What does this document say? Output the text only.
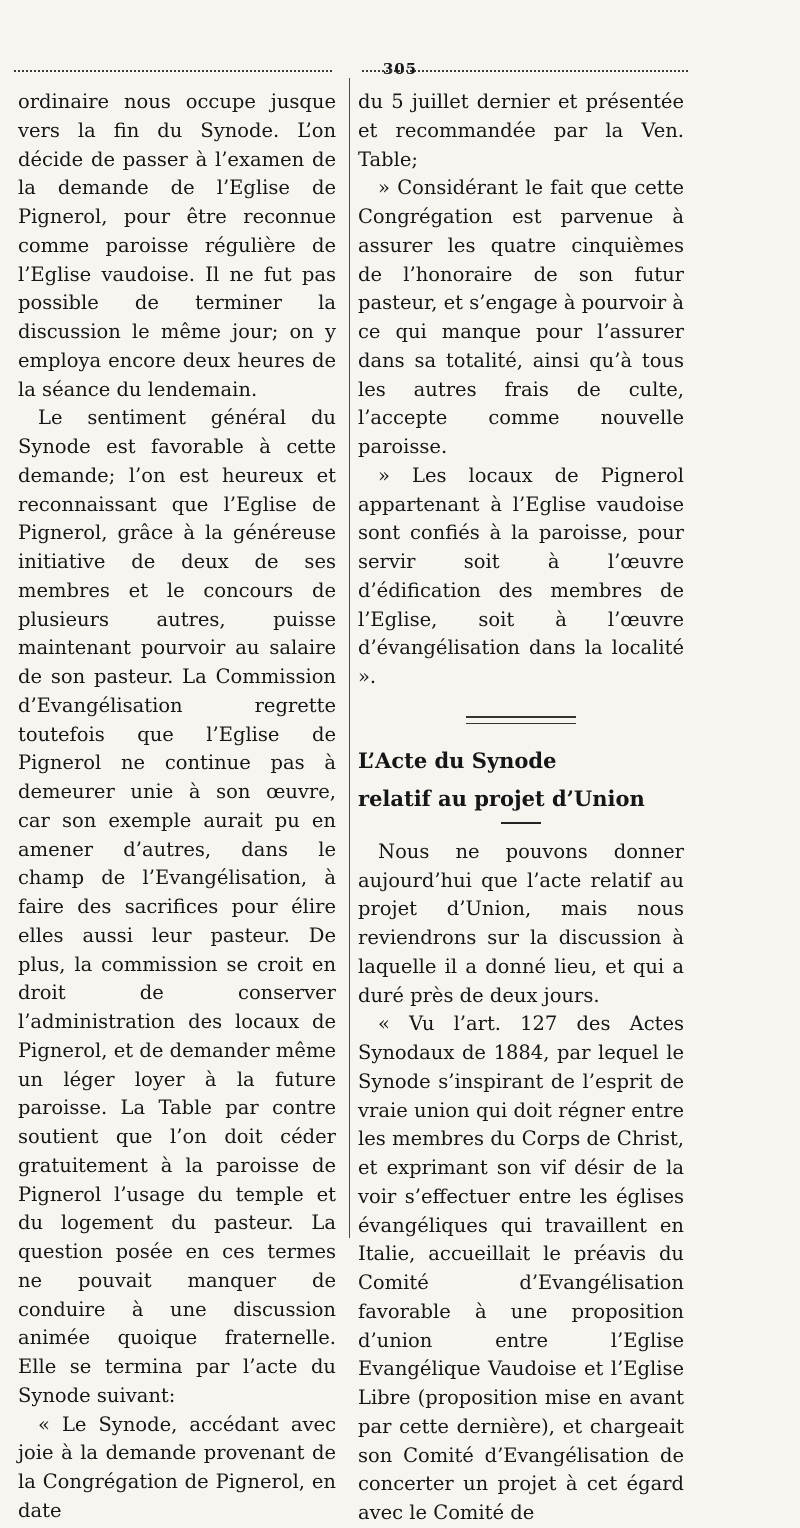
305

ordinaire nous occupe jusque vers la fin du Synode. L’on décide de passer à l’examen de la demande de l’Eglise de Pignerol, pour être reconnue comme paroisse régulière de l’Eglise vaudoise. Il ne fut pas possible de terminer la discussion le même jour; on y employa encore deux heures de la séance du lendemain.

Le sentiment général du Synode est favorable à cette demande; l’on est heureux et reconnaissant que l’Eglise de Pignerol, grâce à la généreuse initiative de deux de ses membres et le concours de plusieurs autres, puisse maintenant pourvoir au salaire de son pasteur. La Commission d’Evangélisation regrette toutefois que l’Eglise de Pignerol ne continue pas à demeurer unie à son œuvre, car son exemple aurait pu en amener d’autres, dans le champ de l’Evangélisation, à faire des sacrifices pour élire elles aussi leur pasteur. De plus, la commission se croit en droit de conserver l’administration des locaux de Pignerol, et de demander même un léger loyer à la future paroisse. La Table par contre soutient que l’on doit céder gratuitement à la paroisse de Pignerol l’usage du temple et du logement du pasteur. La question posée en ces termes ne pouvait manquer de conduire à une discussion animée quoique fraternelle. Elle se termina par l’acte du Synode suivant:

« Le Synode, accédant avec joie à la demande provenant de la Congrégation de Pignerol, en date

du 5 juillet dernier et présentée et recommandée par la Ven. Table;

» Considérant le fait que cette Congrégation est parvenue à assurer les quatre cinquièmes de l’honoraire de son futur pasteur, et s’engage à pourvoir à ce qui manque pour l’assurer dans sa totalité, ainsi qu’à tous les autres frais de culte, l’accepte comme nouvelle paroisse.

» Les locaux de Pignerol appartenant à l’Eglise vaudoise sont confiés à la paroisse, pour servir soit à l’œuvre d’édification des membres de l’Eglise, soit à l’œuvre d’évangélisation dans la localité ».

L’Acte du Synode

relatif au projet d’Union

Nous ne pouvons donner aujourd’hui que l’acte relatif au projet d’Union, mais nous reviendrons sur la discussion à laquelle il a donné lieu, et qui a duré près de deux jours.

« Vu l’art. 127 des Actes Synodaux de 1884, par lequel le Synode s’inspirant de l’esprit de vraie union qui doit régner entre les membres du Corps de Christ, et exprimant son vif désir de la voir s’effectuer entre les églises évangéliques qui travaillent en Italie, accueillait le préavis du Comité d’Evangélisation favorable à une proposition d’union entre l’Eglise Evangélique Vaudoise et l’Eglise Libre (proposition mise en avant par cette dernière), et chargeait son Comité d’Evangélisation de concerter un projet à cet égard avec le Comité de
